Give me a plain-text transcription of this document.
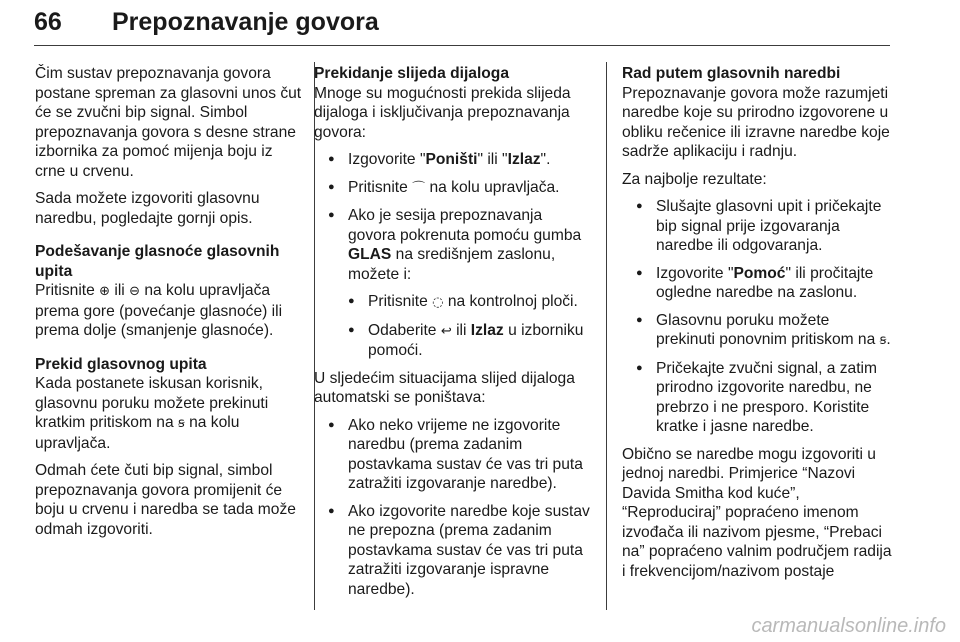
66 Prepoznavanje govora

Čim sustav prepoznavanja govora postane spreman za glasovni unos čut će se zvučni bip signal. Simbol prepoznavanja govora s desne strane izbornika za pomoć mijenja boju iz crne u crvenu.

Sada možete izgovoriti glasovnu naredbu, pogledajte gornji opis.

Podešavanje glasnoće glasovnih upita

Pritisnite ⊕ ili ⊖ na kolu upravljača prema gore (povećanje glasnoće) ili prema dolje (smanjenje glasnoće).

Prekid glasovnog upita

Kada postanete iskusan korisnik, glasovnu poruku možete prekinuti kratkim pritiskom na ꞩ na kolu upravljača.

Odmah ćete čuti bip signal, simbol prepoznavanja govora promijenit će boju u crvenu i naredba se tada može odmah izgovoriti.

Prekidanje slijeda dijaloga

Mnoge su mogućnosti prekida slijeda dijaloga i isključivanja prepoznavanja govora:

● Izgovorite "Poništi" ili "Izlaz".
● Pritisnite ⌒ na kolu upravljača.
● Ako je sesija prepoznavanja govora pokrenuta pomoću gumba GLAS na središnjem zaslonu, možete i:
● Pritisnite ◌ na kontrolnoj ploči.
● Odaberite ↩ ili Izlaz u izborniku pomoći.

U sljedećim situacijama slijed dijaloga automatski se poništava:

● Ako neko vrijeme ne izgovorite naredbu (prema zadanim postavkama sustav će vas tri puta zatražiti izgovaranje naredbe).
● Ako izgovorite naredbe koje sustav ne prepozna (prema zadanim postavkama sustav će vas tri puta zatražiti izgovaranje ispravne naredbe).
Rad putem glasovnih naredbi

Prepoznavanje govora može razumjeti naredbe koje su prirodno izgovorene u obliku rečenice ili izravne naredbe koje sadrže aplikaciju i radnju.

Za najbolje rezultate:

● Slušajte glasovni upit i pričekajte bip signal prije izgovaranja naredbe ili odgovaranja.
● Izgovorite "Pomoć" ili pročitajte ogledne naredbe na zaslonu.
● Glasovnu poruku možete prekinuti ponovnim pritiskom na ꞩ.
● Pričekajte zvučni signal, a zatim prirodno izgovorite naredbu, ne prebrzo i ne presporo. Koristite kratke i jasne naredbe.

Obično se naredbe mogu izgovoriti u jednoj naredbi. Primjerice “Nazovi Davida Smitha kod kuće”, “Reproduciraj” popraćeno imenom izvođača ili nazivom pjesme, “Prebaci na” popraćeno valnim područjem radija i frekvencijom/nazivom postaje

carmanualsonline.info
